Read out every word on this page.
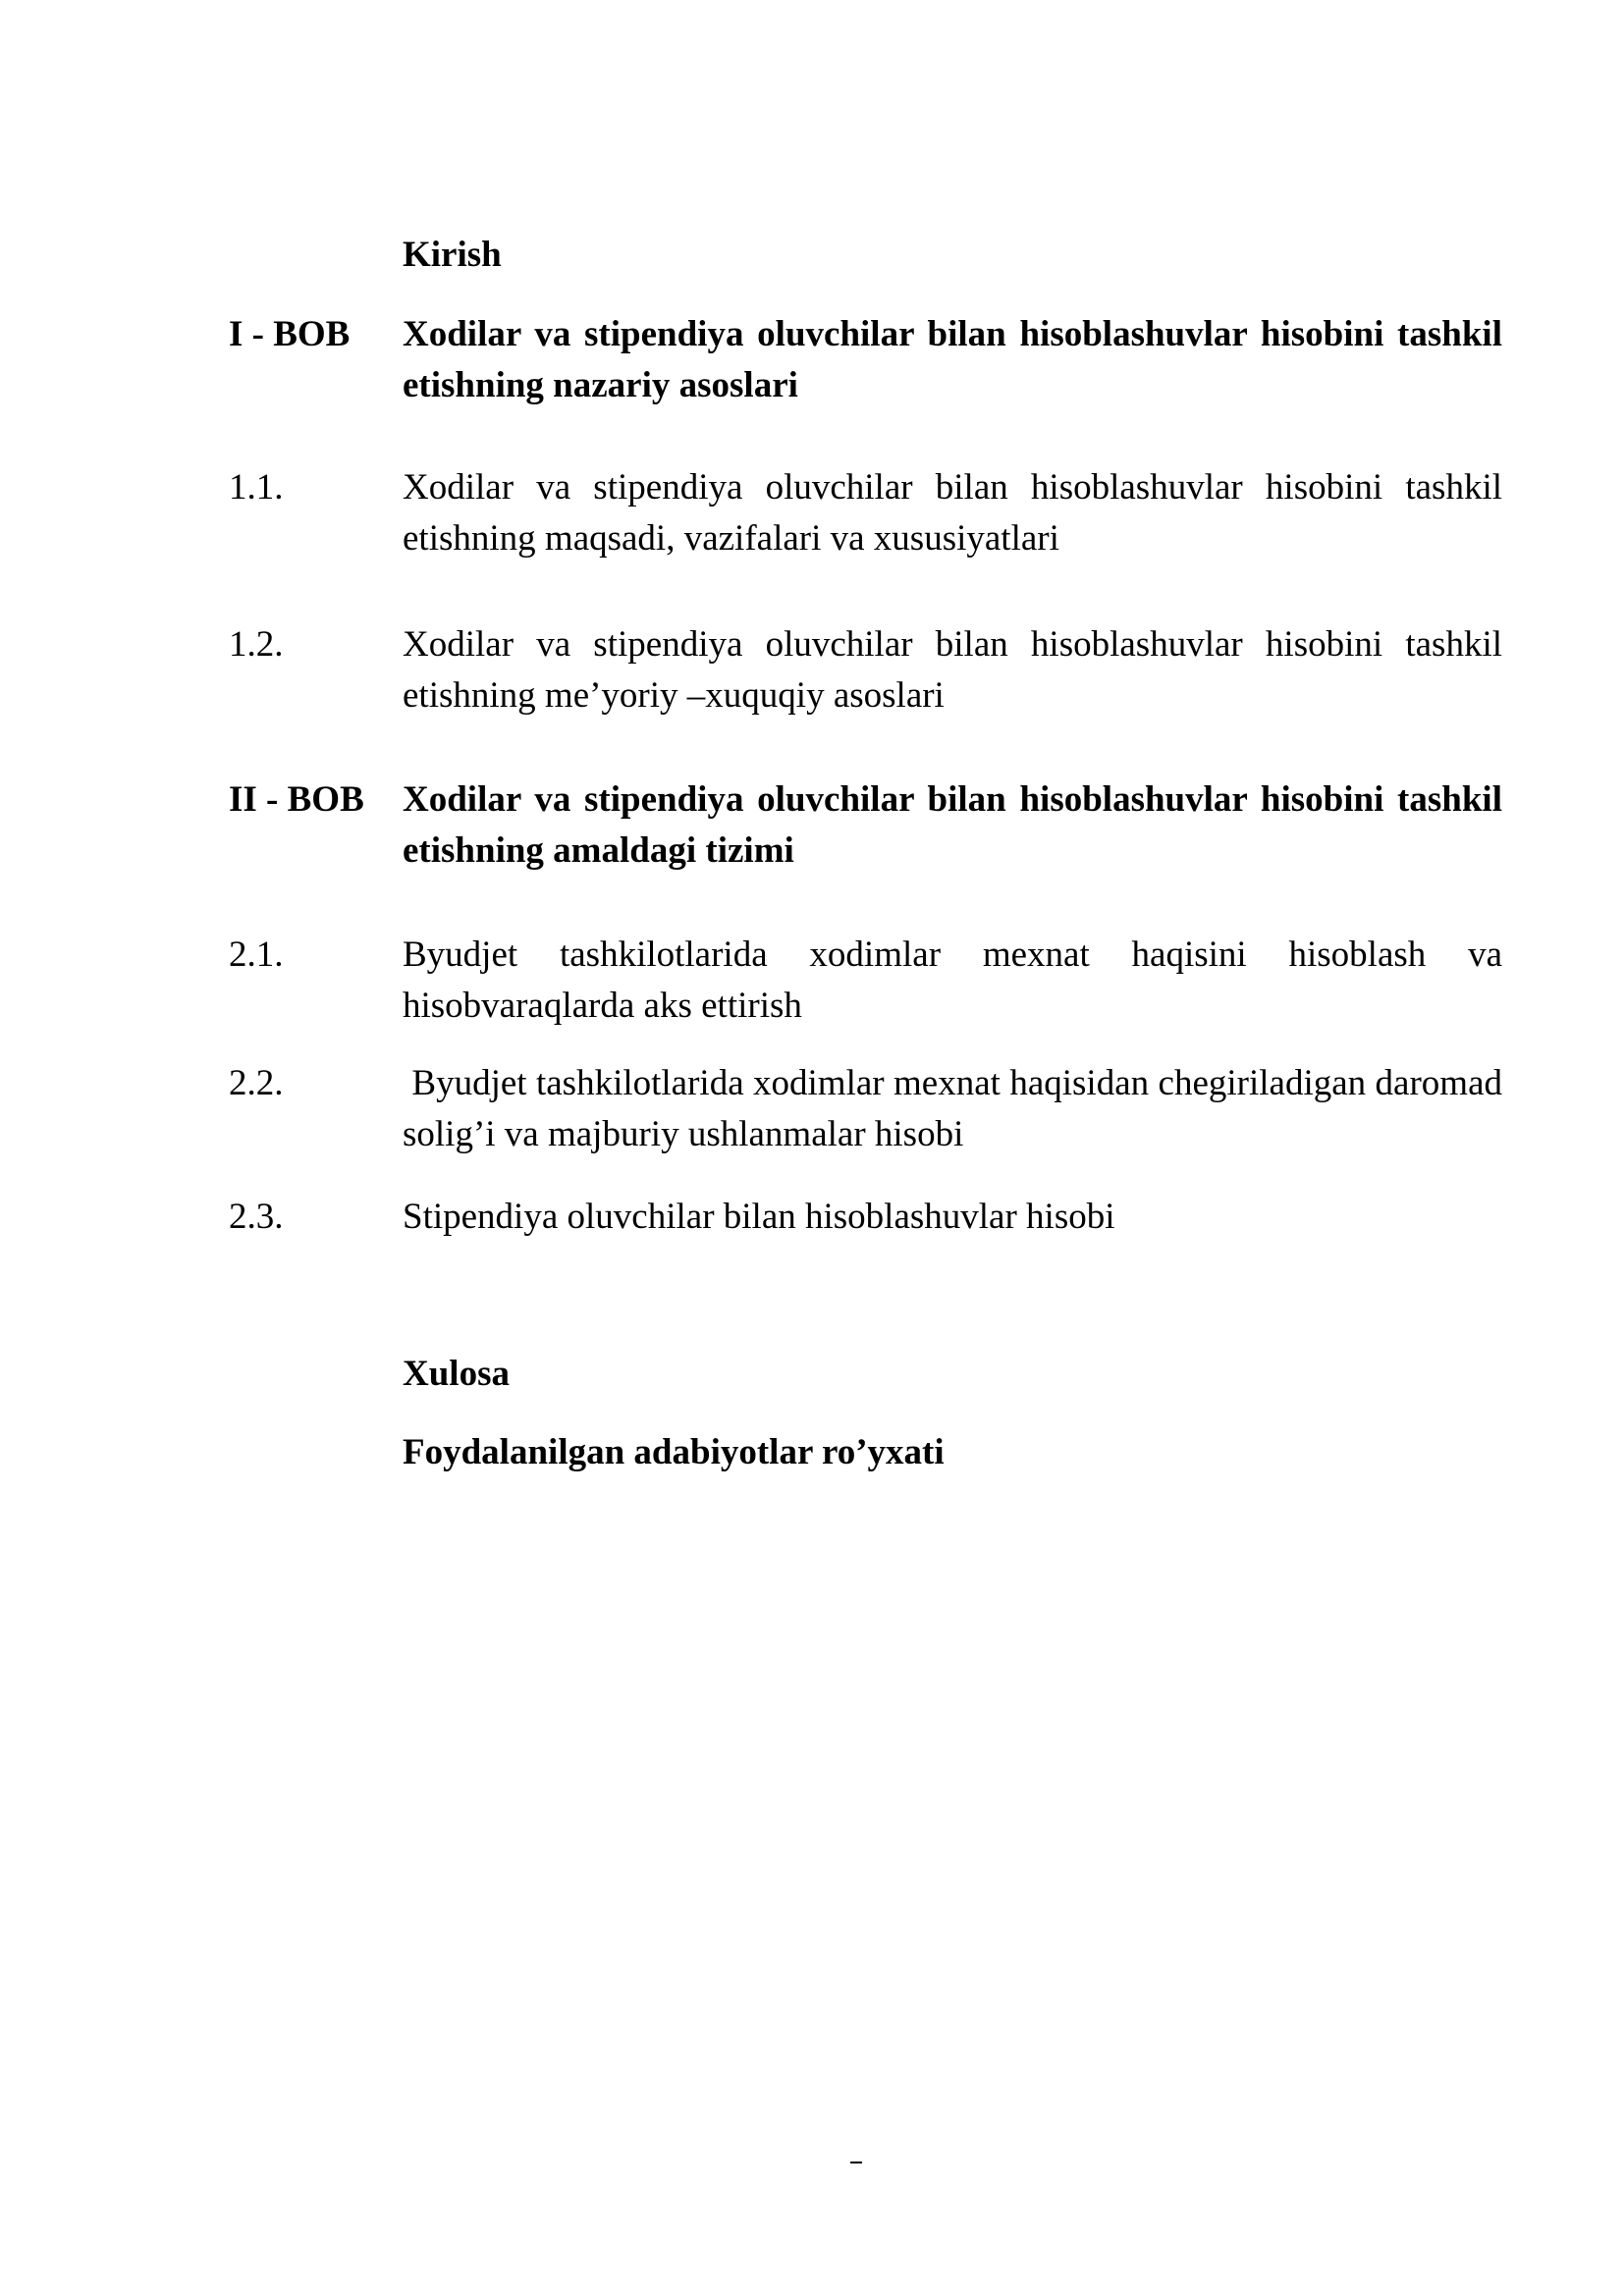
Kirish
I - BOB Xodilar va stipendiya oluvchilar bilan hisoblashuvlar hisobini tashkil etishning nazariy asoslari
1.1.	Xodilar va stipendiya oluvchilar bilan hisoblashuvlar hisobini tashkil etishning maqsadi, vazifalari va xususiyatlari
1.2.	Xodilar va stipendiya oluvchilar bilan hisoblashuvlar hisobini tashkil etishning me’yoriy –xuquqiy asoslari
II - BOB Xodilar va stipendiya oluvchilar bilan hisoblashuvlar hisobini tashkil etishning amaldagi tizimi
2.1.	Byudjet tashkilotlarida xodimlar mexnat haqisini hisoblash va hisobvaraqlarda aks ettirish
2.2.	Byudjet tashkilotlarida xodimlar mexnat haqisidan chegiriladigan daromad solig’i va majburiy ushlanmalar hisobi
2.3.	Stipendiya oluvchilar bilan hisoblashuvlar hisobi
Xulosa
Foydalanilgan adabiyotlar ro’yxati
